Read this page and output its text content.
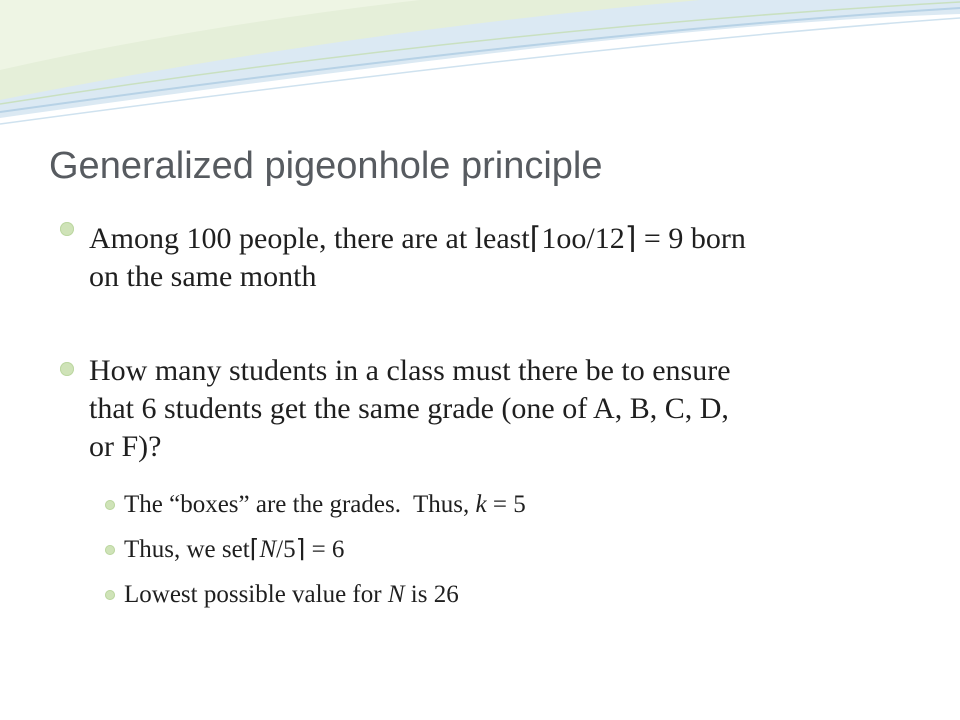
Generalized pigeonhole principle
Among 100 people, there are at least⌈1oo/12⌉ = 9 born
on the same month
How many students in a class must there be to ensure
that 6 students get the same grade (one of A, B, C, D,
or F)?
The “boxes” are the grades.  Thus, k = 5
Thus, we set⌈N/5⌉ = 6
Lowest possible value for N is 26
